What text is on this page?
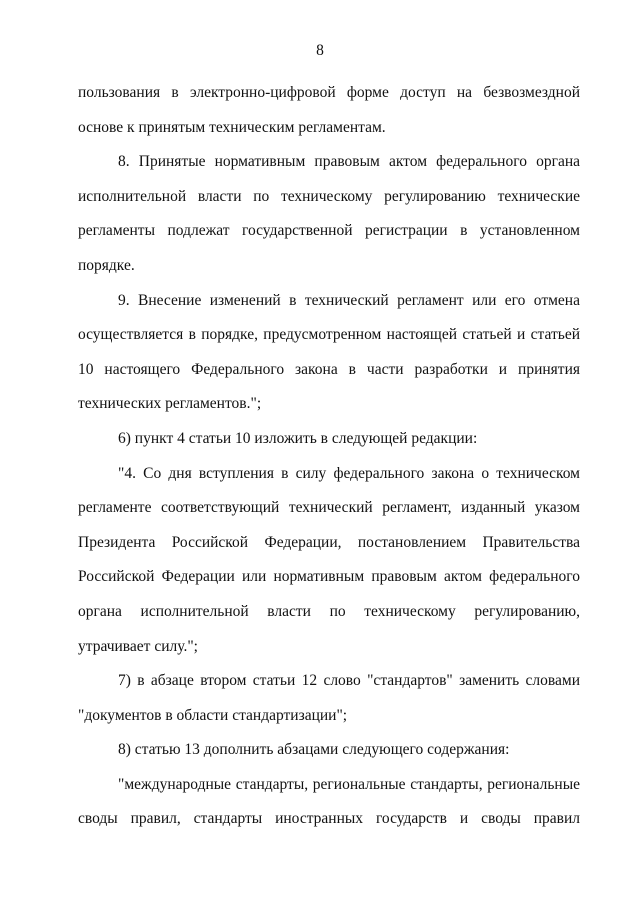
8

пользования в электронно-цифровой форме доступ на безвозмездной основе к принятым техническим регламентам.

8. Принятые нормативным правовым актом федерального органа исполнительной власти по техническому регулированию технические регламенты подлежат государственной регистрации в установленном порядке.

9. Внесение изменений в технический регламент или его отмена осуществляется в порядке, предусмотренном настоящей статьей и статьей 10 настоящего Федерального закона в части разработки и принятия технических регламентов.";

6) пункт 4 статьи 10 изложить в следующей редакции:

"4. Со дня вступления в силу федерального закона о техническом регламенте соответствующий технический регламент, изданный указом Президента Российской Федерации, постановлением Правительства Российской Федерации или нормативным правовым актом федерального органа исполнительной власти по техническому регулированию, утрачивает силу.";

7) в абзаце втором статьи 12 слово "стандартов" заменить словами "документов в области стандартизации";

8) статью 13 дополнить абзацами следующего содержания:

"международные стандарты, региональные стандарты, региональные своды правил, стандарты иностранных государств и своды правил
